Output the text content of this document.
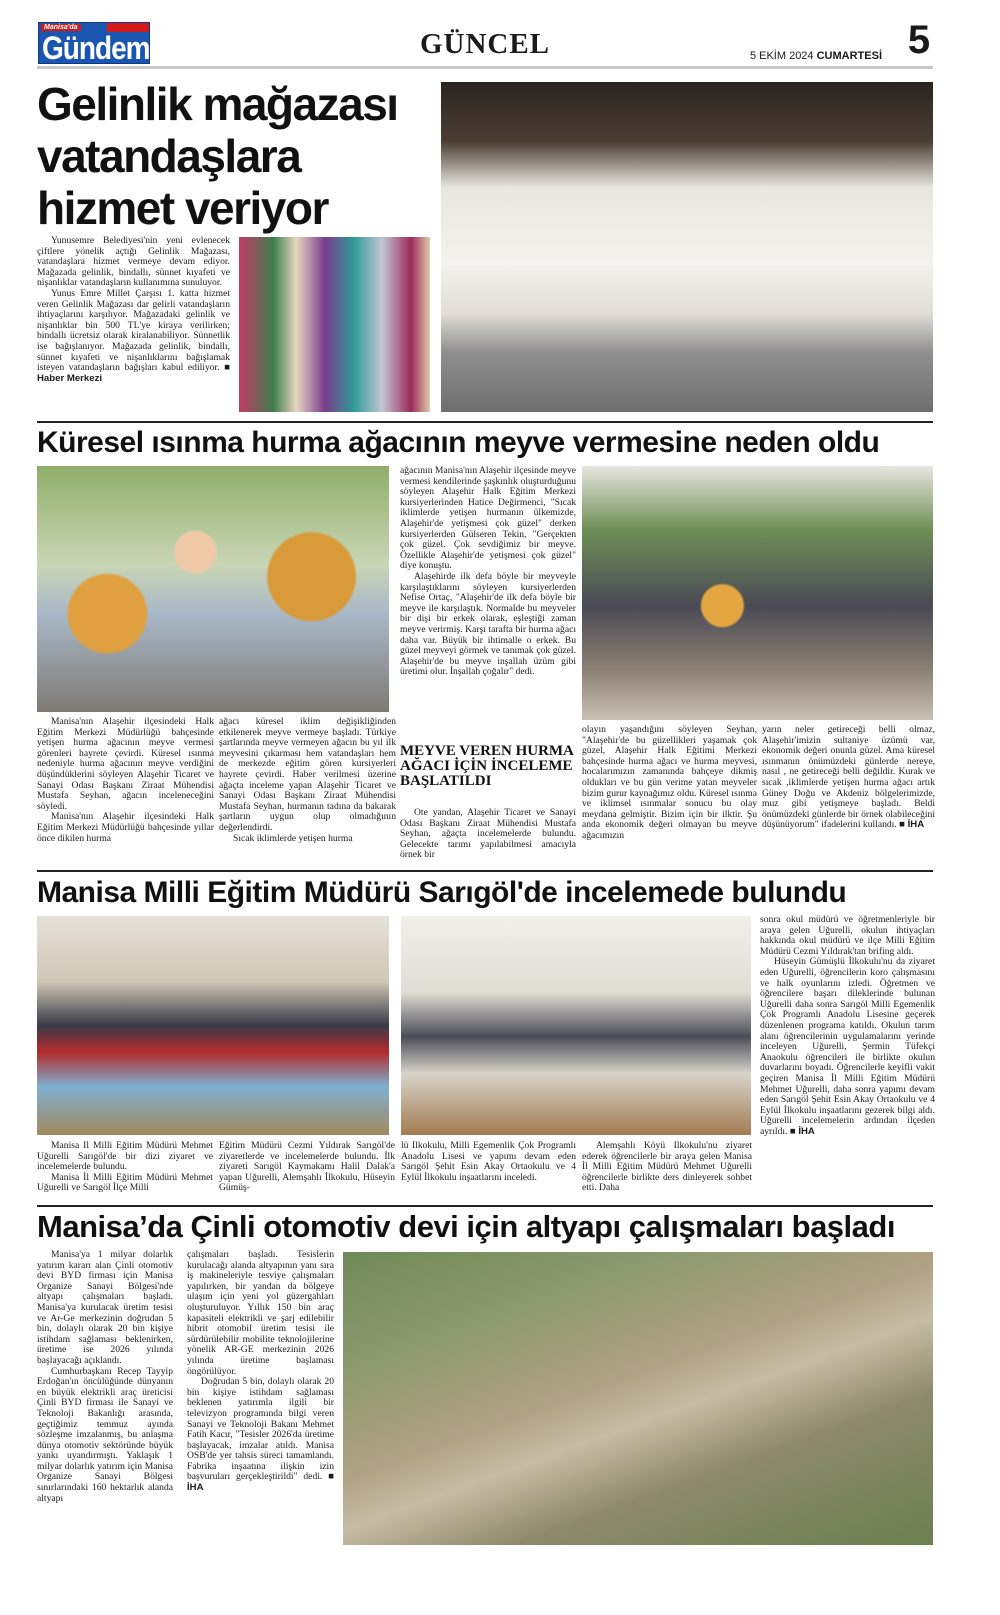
Manisa'da
Gündem	GÜNCEL	5 EKİM 2024 CUMARTESİ 5
Gelinlik mağazası vatandaşlara hizmet veriyor

Yunusemre Belediyesi'nin yeni evlenecek çiftlere yönelik açtığı Gelinlik Mağazası, vatandaşlara hizmet vermeye devam ediyor. Mağazada gelinlik, bindallı, sünnet kıyafeti ve nişanlıklar vatandaşların kullanımına sunuluyor.

Yunus Emre Millet Çarşısı 1. katta hizmet veren Gelinlik Mağazası dar gelirli vatandaşların ihtiyaçlarını karşılıyor. Mağazadaki gelinlik ve nişanlıklar bin 500 TL'ye kiraya verilirken; bindallı ücretsiz olarak kiralanabiliyor. Sünnetlik ise bağışlanıyor. Mağazada gelinlik, bindallı, sünnet kıyafeti ve nişanlıklarını bağışlamak isteyen vatandaşların bağışları kabul ediliyor. ■ Haber Merkezi

Küresel ısınma hurma ağacının meyve vermesine neden oldu

ağacının Manisa'nın Alaşehir ilçesinde meyve vermesi kendilerinde şaşkınlık oluşturduğunu söyleyen Alaşehir Halk Eğitim Merkezi kursiyerlerinden Hatice Değirmenci, "Sıcak iklimlerde yetişen hurmanın ülkemizde, Alaşehir'de yetişmesi çok güzel" derken kursiyerlerden Gülseren Tekin, "Gerçekten çok güzel. Çok sevdiğimiz bir meyve. Özellikle Alaşehir'de yetişmesi çok güzel" diye konuştu.

Alaşehirde ilk defa böyle bir meyveyle karşılaştıklarını söyleyen kursiyerlerden Nefise Ortaç, "Alaşehir'de ilk defa böyle bir meyve ile karşılaştık. Normalde bu meyveler bir dişi bir erkek olarak, eşleştiği zaman meyve verirmiş. Karşı tarafta bir hurma ağacı daha var. Büyük bir ihtimalle o erkek. Bu güzel meyveyi görmek ve tanımak çok güzel. Alaşehir'de bu meyve inşallah üzüm gibi üretimi olur. İnşallah çoğalır" dedi.

MEYVE VEREN HURMA AĞACI İÇİN İNCELEME BAŞLATILDI

Öte yandan, Alaşehir Ticaret ve Sanayi Odası Başkanı Ziraat Mühendisi Mustafa Seyhan, ağaçta incelemelerde bulundu. Gelecekte tarımı yapılabilmesi amacıyla örnek bir

Manisa'nın Alaşehir ilçesindeki Halk Eğitim Merkezi Müdürlüğü bahçesinde yetişen hurma ağacının meyve vermesi görenleri hayrete çevirdi. Küresel ısınma nedeniyle hurma ağacının meyve verdiğini düşündüklerini söyleyen Alaşehir Ticaret ve Sanayi Odası Başkanı Ziraat Mühendisi Mustafa Seyhan, ağacın inceleneceğini söyledi.

Manisa'nın Alaşehir ilçesindeki Halk Eğitim Merkezi Müdürlüğü bahçesinde yıllar önce dikilen hurma

ağacı küresel iklim değişikliğinden etkilenerek meyve vermeye başladı. Türkiye şartlarında meyve vermeyen ağacın bu yıl ilk meyvesini çıkarması hem vatandaşları hem de merkezde eğitim gören kursiyerleri hayrete çevirdi. Haber verilmesi üzerine ağaçta inceleme yapan Alaşehir Ticaret ve Sanayi Odası Başkanı Ziraat Mühendisi Mustafa Seyhan, hurmanın tadına da bakarak şartların uygun olup olmadığının değerlendirdi.

Sıcak iklimlerde yetişen hurma

olayın yaşandığını söyleyen Seyhan, "Alaşehir'de bu güzellikleri yaşamak çok güzel, Alaşehir Halk Eğitimi Merkezi bahçesinde hurma ağacı ve hurma meyvesi, hocalarımızın zamanında bahçeye dikmiş oldukları ve bu gün verime yatan meyveler bizim gurur kaynağımız oldu. Küresel ısınma ve iklimsel ısınmalar sonucu bu olay meydana gelmiştir. Bizim için bir ilktir. Şu anda ekonomik değeri olmayan bu meyve ağacımızın

yarın neler getireceği belli olmaz, Alaşehir'imizin sultaniye üzümü var, ekonomik değeri onunla güzel. Ama küresel ısınmanın önümüzdeki günlerde nereye, nasıl , ne getireceği belli değildir. Kurak ve sıcak ,iklimlerde yetişen hurma ağacı artık Güney Doğu ve Akdeniz bölgelerimizde, muz gibi yetişmeye başladı. Beldi önümüzdeki günlerde bir örnek olabileceğini düşünüyorum" ifadelerini kullandı. ■ İHA

Manisa Milli Eğitim Müdürü Sarıgöl'de incelemede bulundu

Manisa İl Milli Eğitim Müdürü Mehmet Uğurelli Sarıgöl'de bir dizi ziyaret ve incelemelerde bulundu.

Manisa İl Milli Eğitim Müdürü Mehmet Uğurelli ve Sarıgöl İlçe Milli

Eğitim Müdürü Cezmi Yıldırak Sarıgöl'de ziyaretlerde ve incelemelerde bulundu. İlk ziyareti Sarıgöl Kaymakamı Halil Dalak'a yapan Uğurelli, Alemşahlı İlkokulu, Hüseyin Gümüş-

lü İlkokulu, Milli Egemenlik Çok Programlı Anadolu Lisesi ve yapımı devam eden Sarıgöl Şehit Esin Akay Ortaokulu ve 4 Eylül İlkokulu inşaatlarını inceledi.

Alemşahlı Köyü İlkokulu'nu ziyaret ederek öğrencilerle bir araya gelen Manisa İl Milli Eğitim Müdürü Mehmet Uğurelli öğrencilerle birlikte ders dinleyerek sohbet etti. Daha

sonra okul müdürü ve öğretmenleriyle bir araya gelen Uğurelli, okulun ihtiyaçları hakkında okul müdürü ve ilçe Milli Eğitim Müdürü Cezmi Yıldırak'tan brifing aldı.

Hüseyin Gümüşlü İlkokulu'nu da ziyaret eden Uğurelli, öğrencilerin koro çalışmasını ve halk oyunlarını izledi. Öğretmen ve öğrencilere başarı dileklerinde bulunan Uğurelli daha sonra Sarıgöl Milli Egemenlik Çok Programlı Anadolu Lisesine geçerek düzenlenen programa katıldı. Okulun tarım alanı öğrencilerinin uygulamalarını yerinde inceleyen Uğurelli, Şermin Tüfekçi Anaokulu öğrencileri ile birlikte okulun duvarlarını boyadı. Öğrencilerle keyifli vakit geçiren Manisa İl Milli Eğitim Müdürü Mehmet Uğurelli, daha sonra yapımı devam eden Sarıgöl Şehit Esin Akay Ortaokulu ve 4 Eylül İlkokulu inşaatlarını gezerek bilgi aldı. Uğurelli incelemelerin ardından ilçeden ayrıldı. ■ İHA

Manisa’da Çinli otomotiv devi için altyapı çalışmaları başladı

Manisa'ya 1 milyar dolarlık yatırım kararı alan Çinli otomotiv devi BYD firması için Manisa Organize Sanayi Bölgesi'nde altyapı çalışmaları başladı. Manisa'ya kurulacak üretim tesisi ve Ar-Ge merkezinin doğrudan 5 bin, dolaylı olarak 20 bin kişiye istihdam sağlaması beklenirken, üretime ise 2026 yılında başlayacağı açıklandı.

Cumhurbaşkanı Recep Tayyip Erdoğan'ın öncülüğünde dünyanın en büyük elektrikli araç üreticisi Çinli BYD firması ile Sanayi ve Teknoloji Bakanlığı arasında, geçtiğimiz temmuz ayında sözleşme imzalanmış, bu anlaşma dünya otomotiv sektöründe büyük yankı uyandırmıştı. Yaklaşık 1 milyar dolarlık yatırım için Manisa Organize Sanayi Bölgesi sınırlarındaki 160 hektarlık alanda altyapı

çalışmaları başladı. Tesislerin kurulacağı alanda altyapının yanı sıra iş makineleriyle tesviye çalışmaları yapılırken, bir yandan da bölgeye ulaşım için yeni yol güzergahları oluşturuluyor. Yıllık 150 bin araç kapasiteli elektrikli ve şarj edilebilir hibrit otomobil üretim tesisi ile sürdürülebilir mobilite teknolojilerine yönelik AR-GE merkezinin 2026 yılında üretime başlaması öngörülüyor.

Doğrudan 5 bin, dolaylı olarak 20 bin kişiye istihdam sağlaması beklenen yatırımla ilgili bir televizyon programında bilgi veren Sanayi ve Teknoloji Bakanı Mehmet Fatih Kacır, "Tesisler 2026'da üretime başlayacak, imzalar atıldı. Manisa OSB'de yer tahsis süreci tamamlandı. Fabrika inşaatına ilişkin izin başvuruları gerçekleştirildi" dedi. ■ İHA
